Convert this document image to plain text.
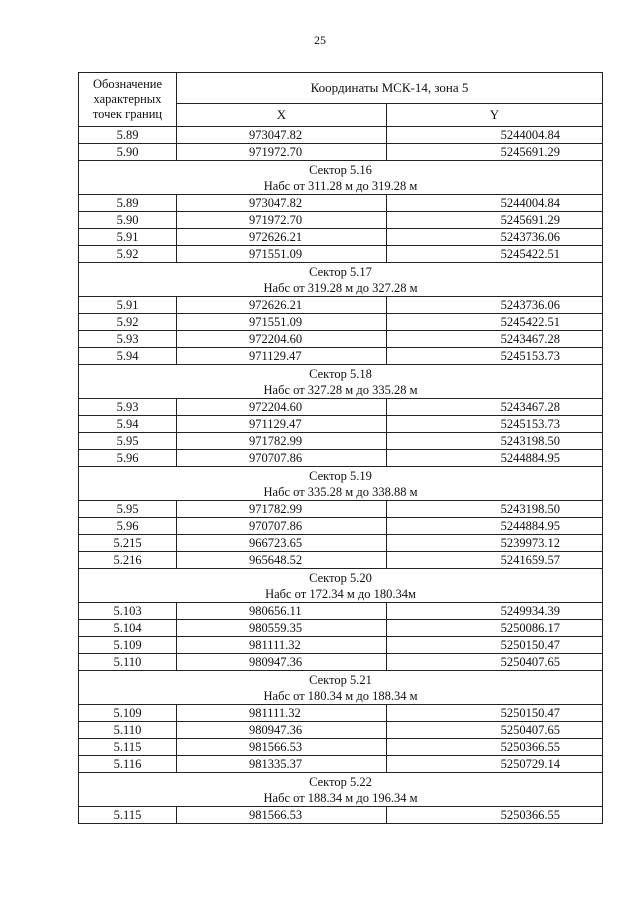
25
Обозначение характерных точек границ	Координаты МСК-14, зона 5	
	X	Y
5.89	973047.82	5244004.84
5.90	971972.70	5245691.29

Сектор 5.16
Набс от 311.28 м до 319.28 м		

5.89	973047.82	5244004.84
5.90	971972.70	5245691.29
5.91	972626.21	5243736.06
5.92	971551.09	5245422.51

Сектор 5.17
Набс от 319.28 м до 327.28 м		

5.91	972626.21	5243736.06
5.92	971551.09	5245422.51
5.93	972204.60	5243467.28
5.94	971129.47	5245153.73

Сектор 5.18
Набс от 327.28 м до 335.28 м		

5.93	972204.60	5243467.28
5.94	971129.47	5245153.73
5.95	971782.99	5243198.50
5.96	970707.86	5244884.95

Сектор 5.19
Набс от 335.28 м до 338.88 м		

5.95	971782.99	5243198.50
5.96	970707.86	5244884.95
5.215	966723.65	5239973.12
5.216	965648.52	5241659.57

Сектор 5.20
Набс от 172.34 м до 180.34м		

5.103	980656.11	5249934.39
5.104	980559.35	5250086.17
5.109	981111.32	5250150.47
5.110	980947.36	5250407.65

Сектор 5.21
Набс от 180.34 м до 188.34 м		

5.109	981111.32	5250150.47
5.110	980947.36	5250407.65
5.115	981566.53	5250366.55
5.116	981335.37	5250729.14

Сектор 5.22
Набс от 188.34 м до 196.34 м		

5.115	981566.53	5250366.55
